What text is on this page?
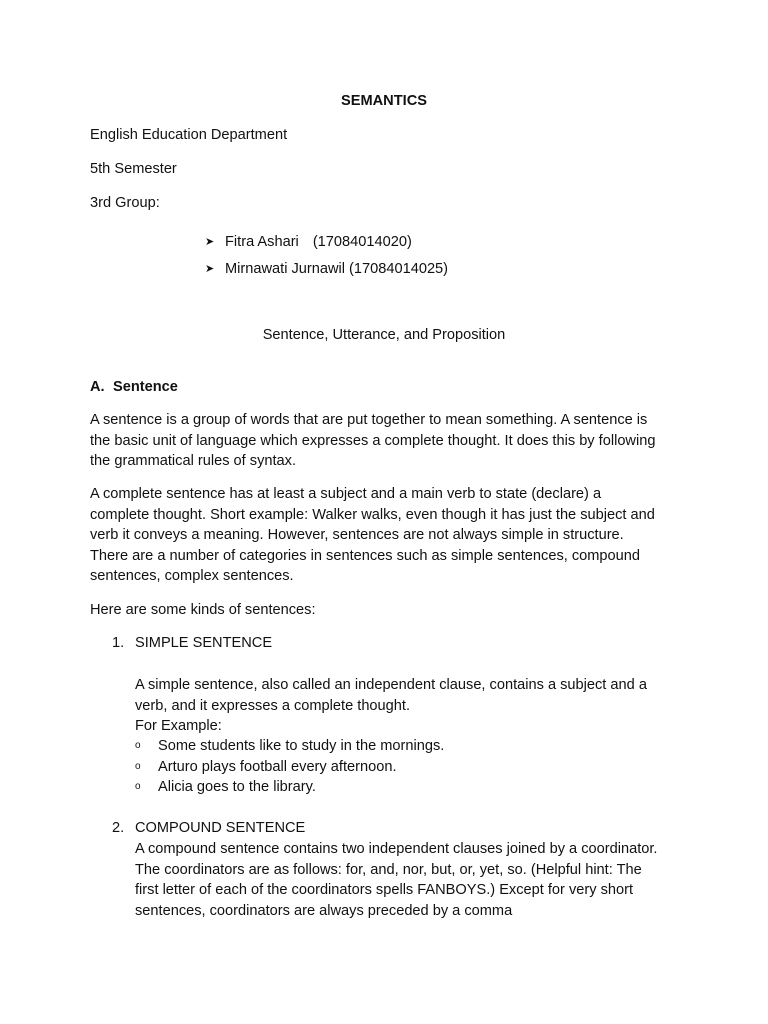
SEMANTICS
English Education Department
5th Semester
3rd Group:
➤ Fitra Ashari (17084014020)
➤ Mirnawati Jurnawil (17084014025)
Sentence, Utterance, and Proposition
A. Sentence
A sentence is a group of words that are put together to mean something. A sentence is
the basic unit of language which expresses a complete thought. It does this by following
the grammatical rules of syntax.
A complete sentence has at least a subject and a main verb to state (declare) a
complete thought. Short example: Walker walks, even though it has just the subject and
verb it conveys a meaning. However, sentences are not always simple in structure.
There are a number of categories in sentences such as simple sentences, compound
sentences, complex sentences.
Here are some kinds of sentences:
1. SIMPLE SENTENCE
A simple sentence, also called an independent clause, contains a subject and a
verb, and it expresses a complete thought.
For Example:
o	Some students like to study in the mornings.
o	Arturo plays football every afternoon.
o	Alicia goes to the library.
2. COMPOUND SENTENCE
A compound sentence contains two independent clauses joined by a coordinator.
The coordinators are as follows: for, and, nor, but, or, yet, so. (Helpful hint: The
first letter of each of the coordinators spells FANBOYS.) Except for very short
sentences, coordinators are always preceded by a comma
